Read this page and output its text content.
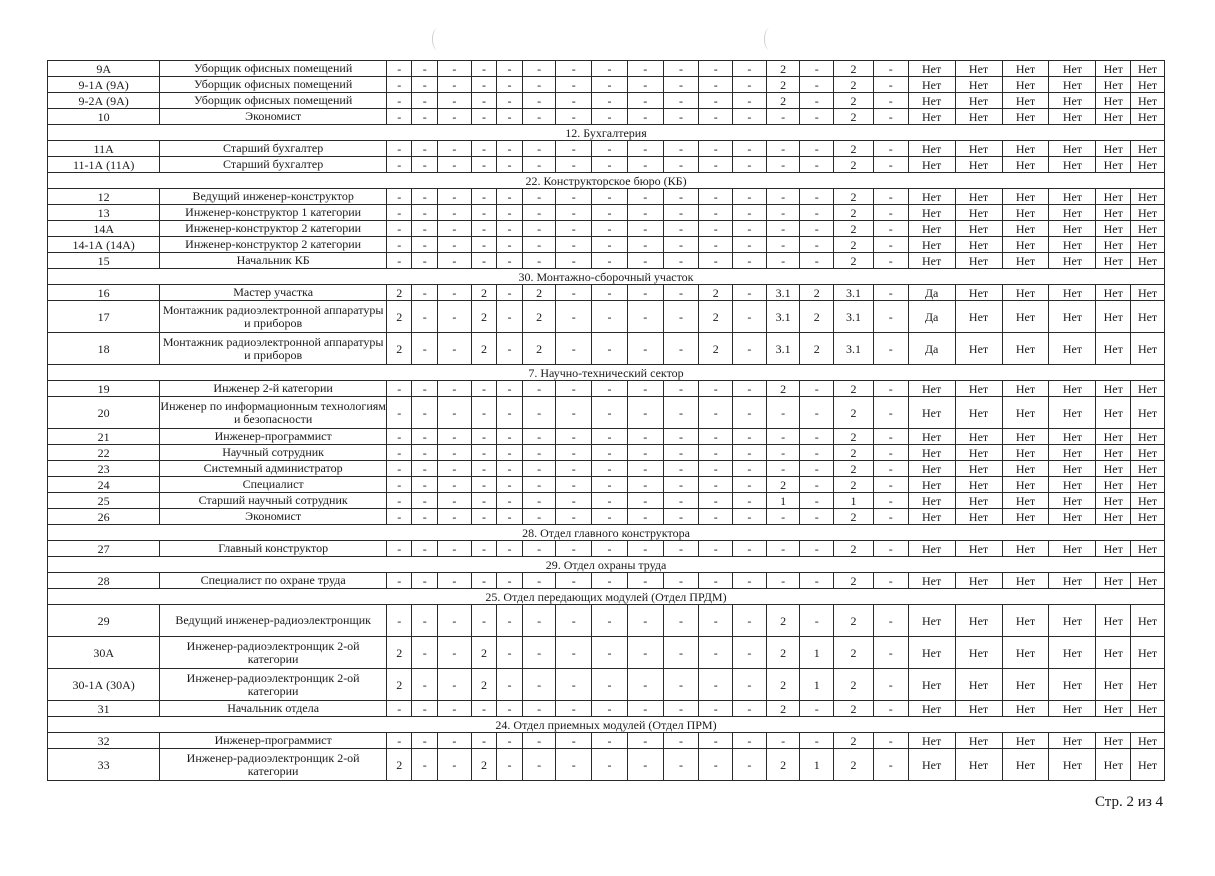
9А	Уборщик офисных помещений	-	-	-	-	-	-	-	-	-	-	-	-	2	-	2	-	Нет	Нет	Нет	Нет	Нет	Нет
9-1А (9А)	Уборщик офисных помещений	-	-	-	-	-	-	-	-	-	-	-	-	2	-	2	-	Нет	Нет	Нет	Нет	Нет	Нет
9-2А (9А)	Уборщик офисных помещений	-	-	-	-	-	-	-	-	-	-	-	-	2	-	2	-	Нет	Нет	Нет	Нет	Нет	Нет
10	Экономист	-	-	-	-	-	-	-	-	-	-	-	-	-	-	2	-	Нет	Нет	Нет	Нет	Нет	Нет
12. Бухгалтерия																							
11А	Старший бухгалтер	-	-	-	-	-	-	-	-	-	-	-	-	-	-	2	-	Нет	Нет	Нет	Нет	Нет	Нет
11-1А (11А)	Старший бухгалтер	-	-	-	-	-	-	-	-	-	-	-	-	-	-	2	-	Нет	Нет	Нет	Нет	Нет	Нет
22. Конструкторское бюро (КБ)																							
12	Ведущий инженер-конструктор	-	-	-	-	-	-	-	-	-	-	-	-	-	-	2	-	Нет	Нет	Нет	Нет	Нет	Нет
13	Инженер-конструктор 1 категории	-	-	-	-	-	-	-	-	-	-	-	-	-	-	2	-	Нет	Нет	Нет	Нет	Нет	Нет
14А	Инженер-конструктор 2 категории	-	-	-	-	-	-	-	-	-	-	-	-	-	-	2	-	Нет	Нет	Нет	Нет	Нет	Нет
14-1А (14А)	Инженер-конструктор 2 категории	-	-	-	-	-	-	-	-	-	-	-	-	-	-	2	-	Нет	Нет	Нет	Нет	Нет	Нет
15	Начальник КБ	-	-	-	-	-	-	-	-	-	-	-	-	-	-	2	-	Нет	Нет	Нет	Нет	Нет	Нет
30. Монтажно-сборочный участок																							
16	Мастер участка	2	-	-	2	-	2	-	-	-	-	2	-	3.1	2	3.1	-	Да	Нет	Нет	Нет	Нет	Нет
17	Монтажник радиоэлектронной аппаратуры и приборов	2	-	-	2	-	2	-	-	-	-	2	-	3.1	2	3.1	-	Да	Нет	Нет	Нет	Нет	Нет
18	Монтажник радиоэлектронной аппаратуры и приборов	2	-	-	2	-	2	-	-	-	-	2	-	3.1	2	3.1	-	Да	Нет	Нет	Нет	Нет	Нет
7. Научно-технический сектор																							
19	Инженер 2-й категории	-	-	-	-	-	-	-	-	-	-	-	-	2	-	2	-	Нет	Нет	Нет	Нет	Нет	Нет
20	Инженер по информационным технологиям и безопасности	-	-	-	-	-	-	-	-	-	-	-	-	-	-	2	-	Нет	Нет	Нет	Нет	Нет	Нет
21	Инженер-программист	-	-	-	-	-	-	-	-	-	-	-	-	-	-	2	-	Нет	Нет	Нет	Нет	Нет	Нет
22	Научный сотрудник	-	-	-	-	-	-	-	-	-	-	-	-	-	-	2	-	Нет	Нет	Нет	Нет	Нет	Нет
23	Системный администратор	-	-	-	-	-	-	-	-	-	-	-	-	-	-	2	-	Нет	Нет	Нет	Нет	Нет	Нет
24	Специалист	-	-	-	-	-	-	-	-	-	-	-	-	2	-	2	-	Нет	Нет	Нет	Нет	Нет	Нет
25	Старший научный сотрудник	-	-	-	-	-	-	-	-	-	-	-	-	1	-	1	-	Нет	Нет	Нет	Нет	Нет	Нет
26	Экономист	-	-	-	-	-	-	-	-	-	-	-	-	-	-	2	-	Нет	Нет	Нет	Нет	Нет	Нет
28. Отдел главного конструктора																							
27	Главный конструктор	-	-	-	-	-	-	-	-	-	-	-	-	-	-	2	-	Нет	Нет	Нет	Нет	Нет	Нет
29. Отдел охраны труда																							
28	Специалист по охране труда	-	-	-	-	-	-	-	-	-	-	-	-	-	-	2	-	Нет	Нет	Нет	Нет	Нет	Нет
25. Отдел передающих модулей (Отдел ПРДМ)																							
29	Ведущий инженер-радиоэлектронщик	-	-	-	-	-	-	-	-	-	-	-	-	2	-	2	-	Нет	Нет	Нет	Нет	Нет	Нет
30А	Инженер-радиоэлектронщик 2-ой категории	2	-	-	2	-	-	-	-	-	-	-	-	2	1	2	-	Нет	Нет	Нет	Нет	Нет	Нет
30-1А (30А)	Инженер-радиоэлектронщик 2-ой категории	2	-	-	2	-	-	-	-	-	-	-	-	2	1	2	-	Нет	Нет	Нет	Нет	Нет	Нет
31	Начальник отдела	-	-	-	-	-	-	-	-	-	-	-	-	2	-	2	-	Нет	Нет	Нет	Нет	Нет	Нет
24. Отдел приемных модулей (Отдел ПРМ)																							
32	Инженер-программист	-	-	-	-	-	-	-	-	-	-	-	-	-	-	2	-	Нет	Нет	Нет	Нет	Нет	Нет
33	Инженер-радиоэлектронщик 2-ой категории	2	-	-	2	-	-	-	-	-	-	-	-	2	1	2	-	Нет	Нет	Нет	Нет	Нет	Нет
Стр. 2 из 4
